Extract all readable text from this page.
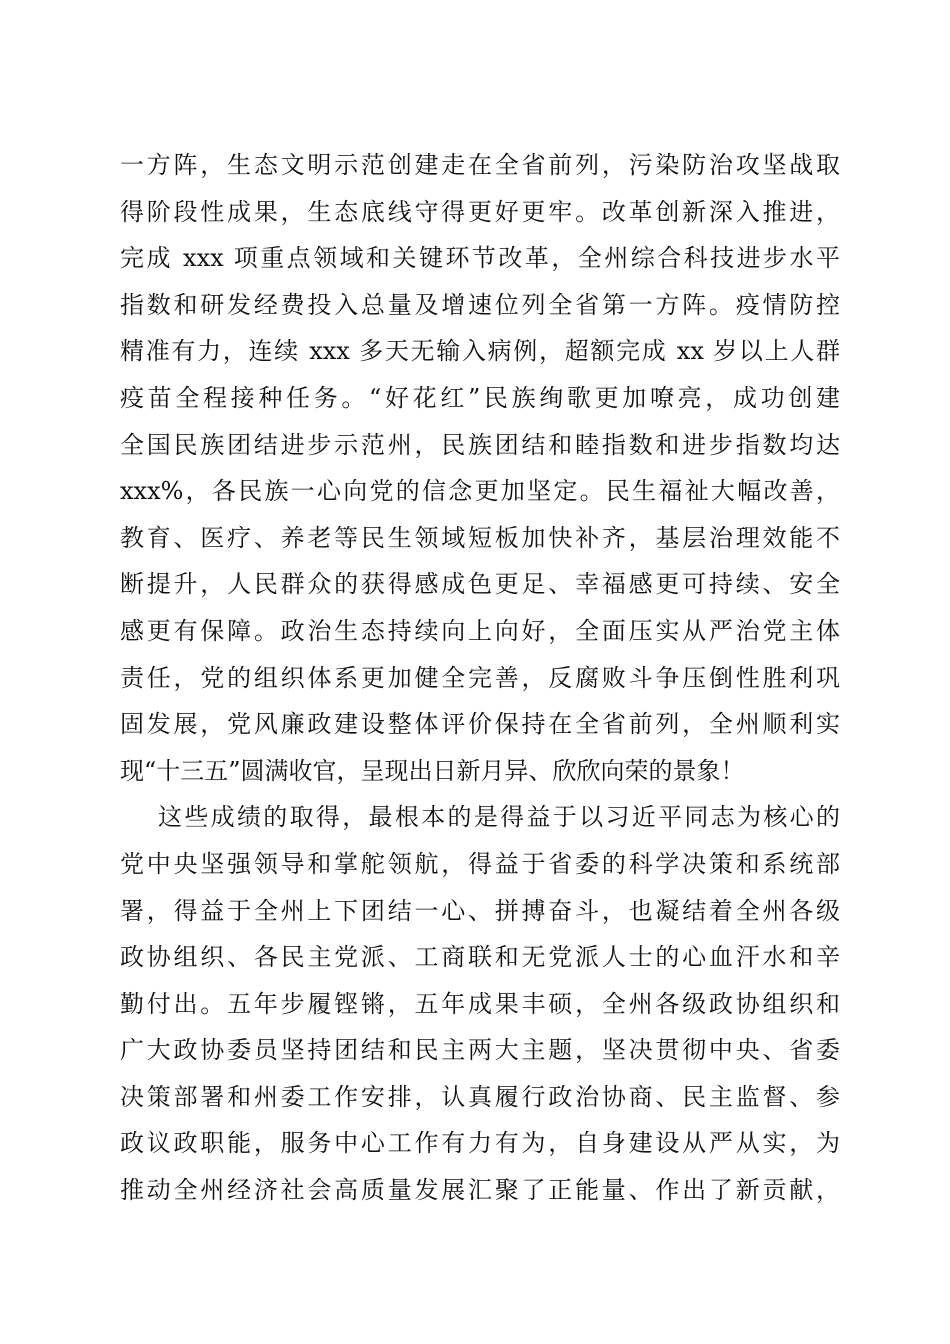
一方阵，生态文明示范创建走在全省前列，污染防治攻坚战取
得阶段性成果，生态底线守得更好更牢。改革创新深入推进，
完成 xxx 项重点领域和关键环节改革，全州综合科技进步水平
指数和研发经费投入总量及增速位列全省第一方阵。疫情防控
精准有力，连续 xxx 多天无输入病例，超额完成 xx 岁以上人群
疫苗全程接种任务。“好花红”民族绚歌更加嘹亮，成功创建
全国民族团结进步示范州，民族团结和睦指数和进步指数均达
xxx%，各民族一心向党的信念更加坚定。民生福祉大幅改善，
教育、医疗、养老等民生领域短板加快补齐，基层治理效能不
断提升，人民群众的获得感成色更足、幸福感更可持续、安全
感更有保障。政治生态持续向上向好，全面压实从严治党主体
责任，党的组织体系更加健全完善，反腐败斗争压倒性胜利巩
固发展，党风廉政建设整体评价保持在全省前列，全州顺利实
现“十三五”圆满收官，呈现出日新月异、欣欣向荣的景象！
这些成绩的取得，最根本的是得益于以习近平同志为核心的
党中央坚强领导和掌舵领航，得益于省委的科学决策和系统部
署，得益于全州上下团结一心、拼搏奋斗，也凝结着全州各级
政协组织、各民主党派、工商联和无党派人士的心血汗水和辛
勤付出。五年步履铿锵，五年成果丰硕，全州各级政协组织和
广大政协委员坚持团结和民主两大主题，坚决贯彻中央、省委
决策部署和州委工作安排，认真履行政治协商、民主监督、参
政议政职能，服务中心工作有力有为，自身建设从严从实，为
推动全州经济社会高质量发展汇聚了正能量、作出了新贡献，
